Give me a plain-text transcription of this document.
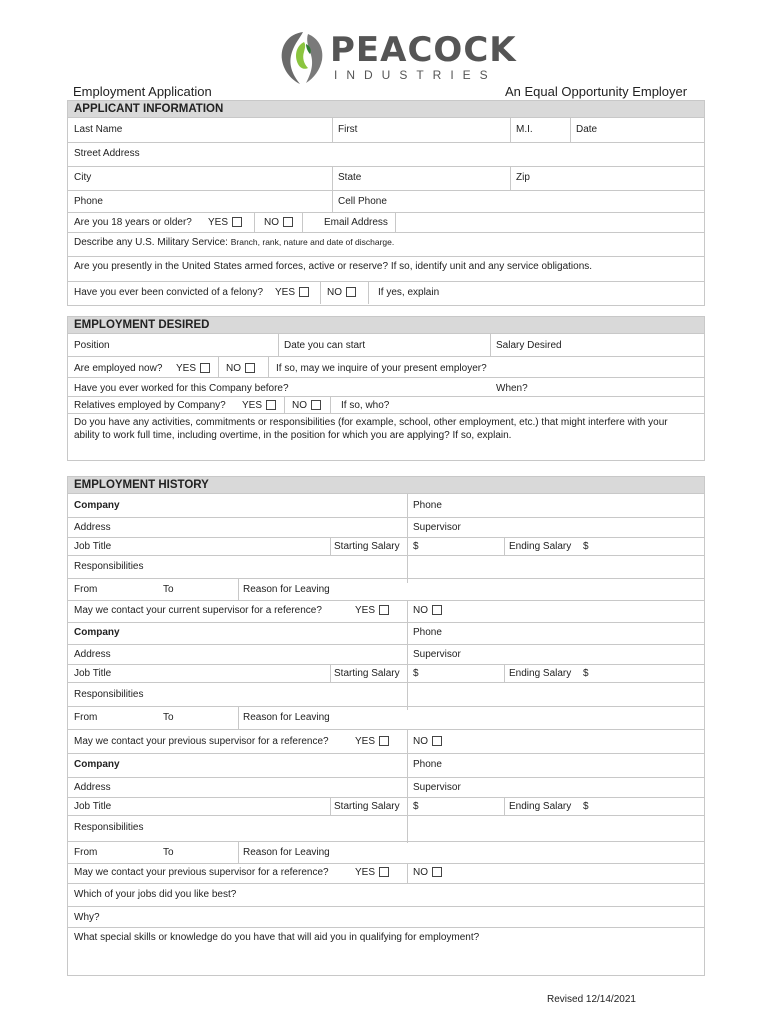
PEACOCK
INDUSTRIES
Employment Application	An Equal Opportunity Employer
APPLICANT INFORMATION
Last Name	First	M.I.	Date
Street Address
City	State	Zip
Phone	Cell Phone
Are you 18 years or older? YES	NO	Email Address
Describe any U.S. Military Service: Branch, rank, nature and date of discharge.
Are you presently in the United States armed forces, active or reserve? If so, identify unit and any service obligations.
Have you ever been convicted of a felony? YES	NO	If yes, explain
EMPLOYMENT DESIRED
Position	Date you can start	Salary Desired
Are employed now? YES	NO	If so, may we inquire of your present employer?
Have you ever worked for this Company before?	When?
Relatives employed by Company? YES	NO	If so, who?
Do you have any activities, commitments or responsibilities (for example, school, other employment, etc.) that might interfere with your ability to work full time, including overtime, in the position for which you are applying? If so, explain.
EMPLOYMENT HISTORY
Company	Phone
Address	Supervisor
Job Title	Starting Salary $	Ending Salary $
Responsibilities
From	To	Reason for Leaving
May we contact your current supervisor for a reference?	YES	NO
Company	Phone
Address	Supervisor
Job Title	Starting Salary $	Ending Salary $
Responsibilities
From	To	Reason for Leaving
May we contact your previous supervisor for a reference?	YES	NO
Company	Phone
Address	Supervisor
Job Title	Starting Salary $	Ending Salary $
Responsibilities
From	To	Reason for Leaving
May we contact your previous supervisor for a reference?	YES	NO
Which of your jobs did you like best?
Why?
What special skills or knowledge do you have that will aid you in qualifying for employment?
Revised 12/14/2021
